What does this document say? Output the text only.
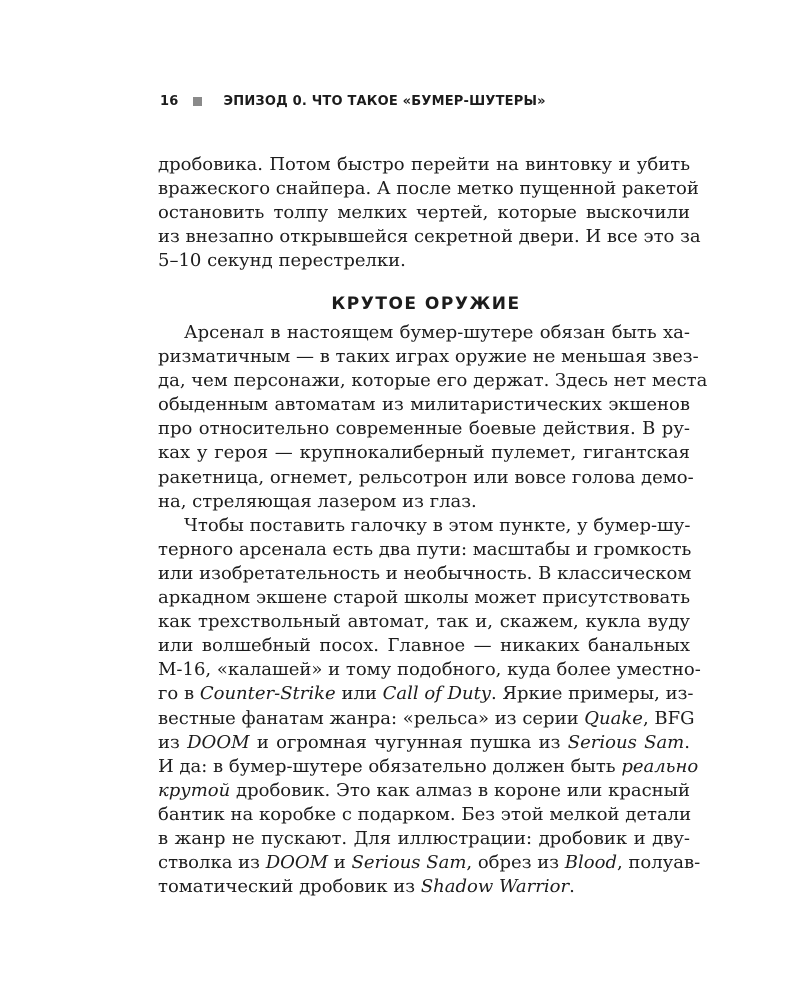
16	ЭПИЗОД 0. ЧТО ТАКОЕ «БУМЕР-ШУТЕРЫ»
дробовика. Потом быстро перейти на винтовку и убить
вражеского снайпера. А после метко пущенной ракетой
остановить толпу мелких чертей, которые выскочили
из внезапно открывшейся секретной двери. И все это за
5–10 секунд перестрелки.
КРУТОЕ ОРУЖИЕ
Арсенал в настоящем бумер-шутере обязан быть ха-
ризматичным — в таких играх оружие не меньшая звез-
да, чем персонажи, которые его держат. Здесь нет места
обыденным автоматам из милитаристических экшенов
про относительно современные боевые действия. В ру-
ках у героя — крупнокалиберный пулемет, гигантская
ракетница, огнемет, рельсотрон или вовсе голова демо-
на, стреляющая лазером из глаз.
Чтобы поставить галочку в этом пункте, у бумер-шу-
терного арсенала есть два пути: масштабы и громкость
или изобретательность и необычность. В классическом
аркадном экшене старой школы может присутствовать
как трехствольный автомат, так и, скажем, кукла вуду
или волшебный посох. Главное — никаких банальных
М-16, «калашей» и тому подобного, куда более уместно-
го в Counter-Strike или Call of Duty. Яркие примеры, из-
вестные фанатам жанра: «рельса» из серии Quake, BFG
из DOOM и огромная чугунная пушка из Serious Sam.
И да: в бумер-шутере обязательно должен быть реально
крутой дробовик. Это как алмаз в короне или красный
бантик на коробке с подарком. Без этой мелкой детали
в жанр не пускают. Для иллюстрации: дробовик и дву-
стволка из DOOM и Serious Sam, обрез из Blood, полуав-
томатический дробовик из Shadow Warrior.
